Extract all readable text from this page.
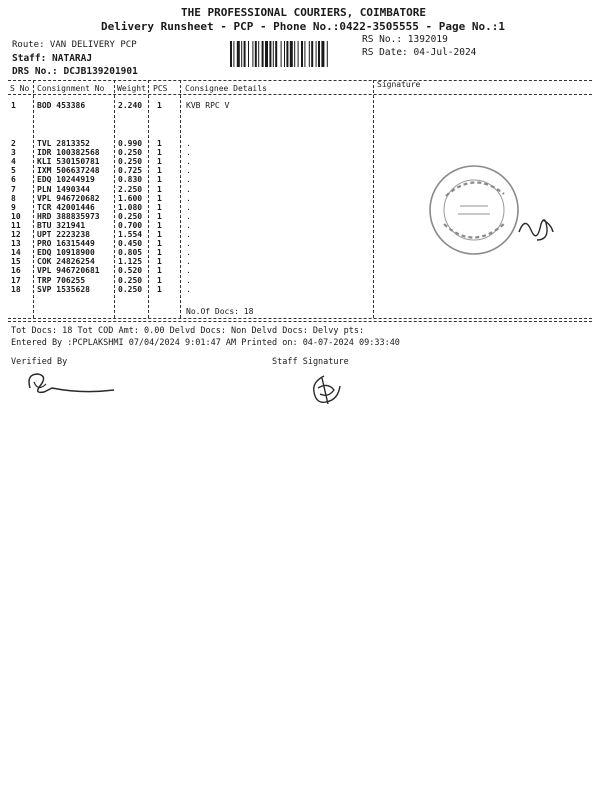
THE PROFESSIONAL COURIERS, COIMBATORE
Delivery Runsheet - PCP - Phone No.:0422-3505555 - Page No.:1
Route: VAN DELIVERY PCP
Staff: NATARAJ
DRS No.: DCJB139201901
RS No.: 1392019
RS Date: 04-Jul-2024
S No Consignment No Weight PCS Consignee Details	Signature
1	BOD 453386	2.240 1	KVB RPC V
2	TVL 2813352	0.990 1	.
3	IDR 100382568 0.250 1	.
4	KLI 530150781 0.250 1	.
5	IXM 506637248 0.725 1	.
6	EDQ 10244919	0.830 1	.
7	PLN 1490344	2.250 1	.
8	VPL 946720682 1.600 1	.
9	TCR 42001446	1.080 1	.
10 HRD 388835973 0.250 1	.
11 BTU 321941	0.700 1	.
12 UPT 2223238	1.554 1	.
13 PRO 16315449	0.450 1	.
14 EDQ 10918900	0.805 1	.
15 COK 24826254	1.125 1	.
16 VPL 946720681 0.520 1	.
17 TRP 706255	0.250 1	.
18 SVP 1535628	0.250 1	.
No.Of Docs: 18
Tot Docs: 18 Tot COD Amt: 0.00 Delvd Docs: Non Delvd Docs: Delvy pts:
Entered By :PCPLAKSHMI 07/04/2024 9:01:47 AM Printed on: 04-07-2024 09:33:40
Verified By	Staff Signature
